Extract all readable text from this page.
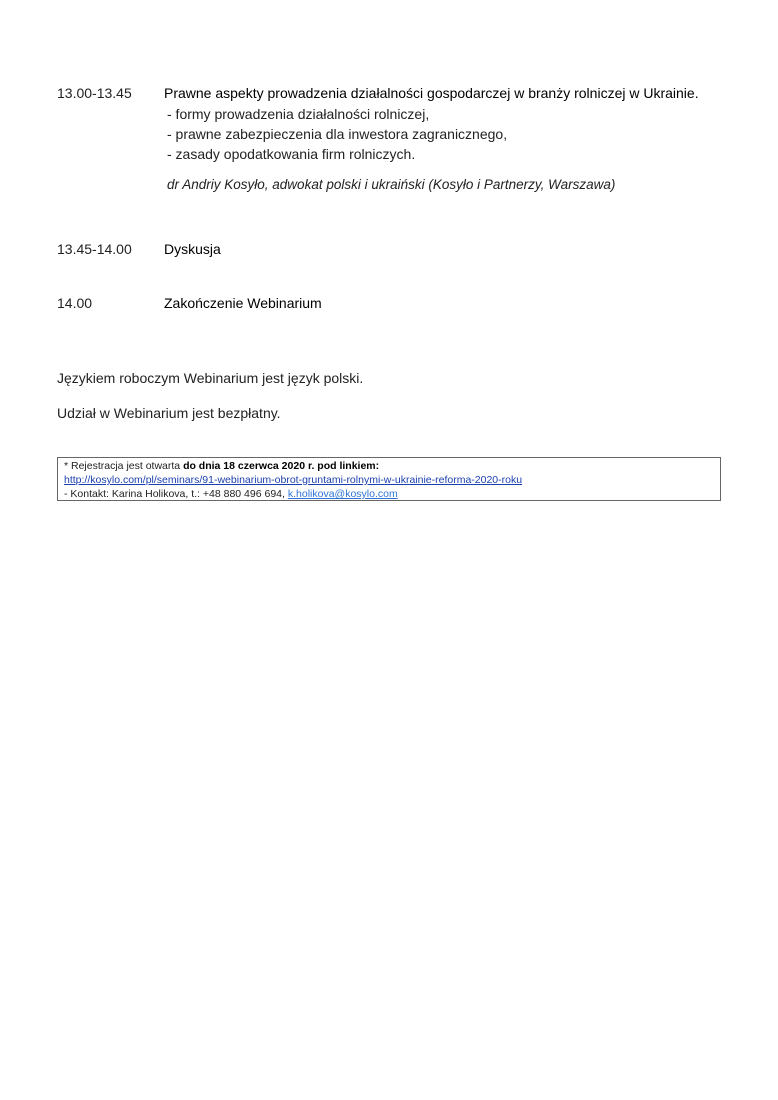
13.00-13.45	Prawne aspekty prowadzenia działalności gospodarczej w branży rolniczej w Ukrainie.
- formy prowadzenia działalności rolniczej,
- prawne zabezpieczenia dla inwestora zagranicznego,
- zasady opodatkowania firm rolniczych.
dr Andriy Kosyło, adwokat polski i ukraiński (Kosyło i Partnerzy, Warszawa)
13.45-14.00	Dyskusja
14.00	Zakończenie Webinarium
Językiem roboczym Webinarium jest język polski.
Udział w Webinarium jest bezpłatny.
* Rejestracja jest otwarta do dnia 18 czerwca 2020 r. pod linkiem:
http://kosylo.com/pl/seminars/91-webinarium-obrot-gruntami-rolnymi-w-ukrainie-reforma-2020-roku
- Kontakt: Karina Holikova, t.: +48 880 496 694, k.holikova@kosylo.com
